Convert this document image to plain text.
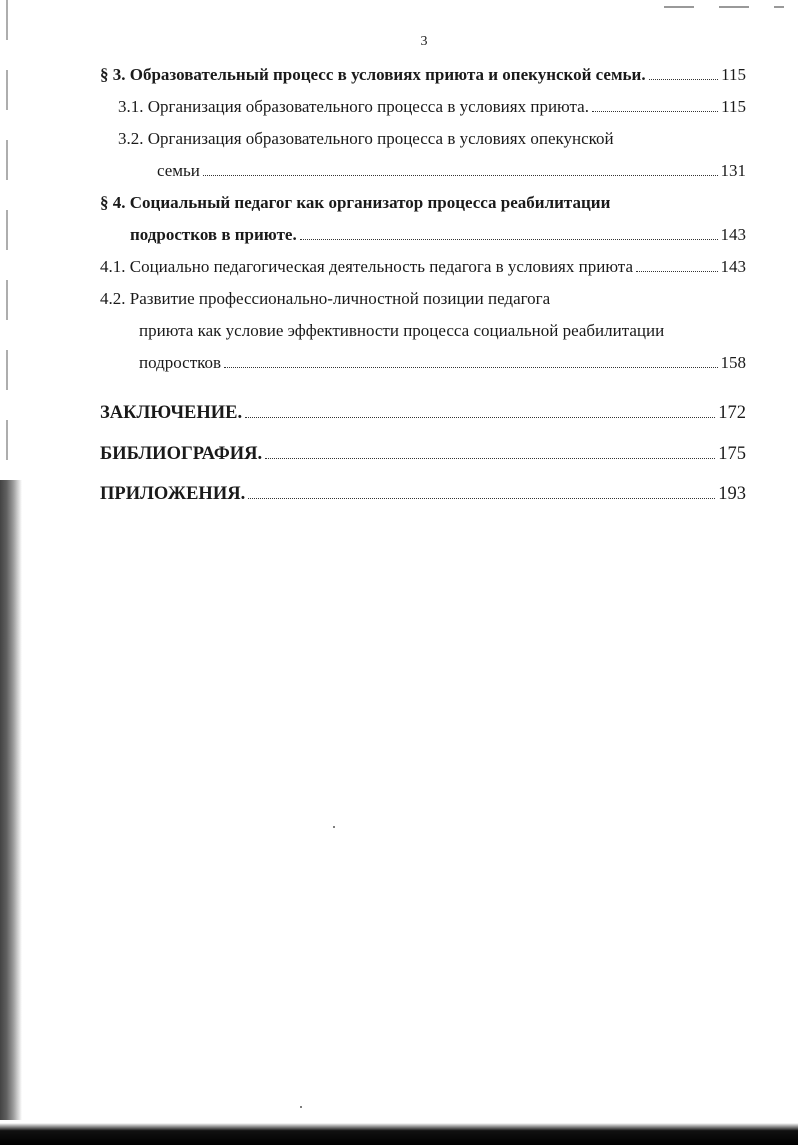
3
§ 3. Образовательный процесс в условиях приюта и опекунской семьи.	115
3.1. Организация образовательного процесса в условиях приюта.	115
3.2. Организация образовательного процесса в условиях опекунской
семьи	131
§ 4. Социальный педагог как организатор процесса реабилитации
подростков в приюте.	143
4.1. Социально педагогическая деятельность педагога в условиях приюта	143
4.2. Развитие профессионально-личностной позиции педагога
приюта как условие эффективности процесса социальной реабилитации
подростков	158
ЗАКЛЮЧЕНИЕ.	172
БИБЛИОГРАФИЯ.	175
ПРИЛОЖЕНИЯ.	193
